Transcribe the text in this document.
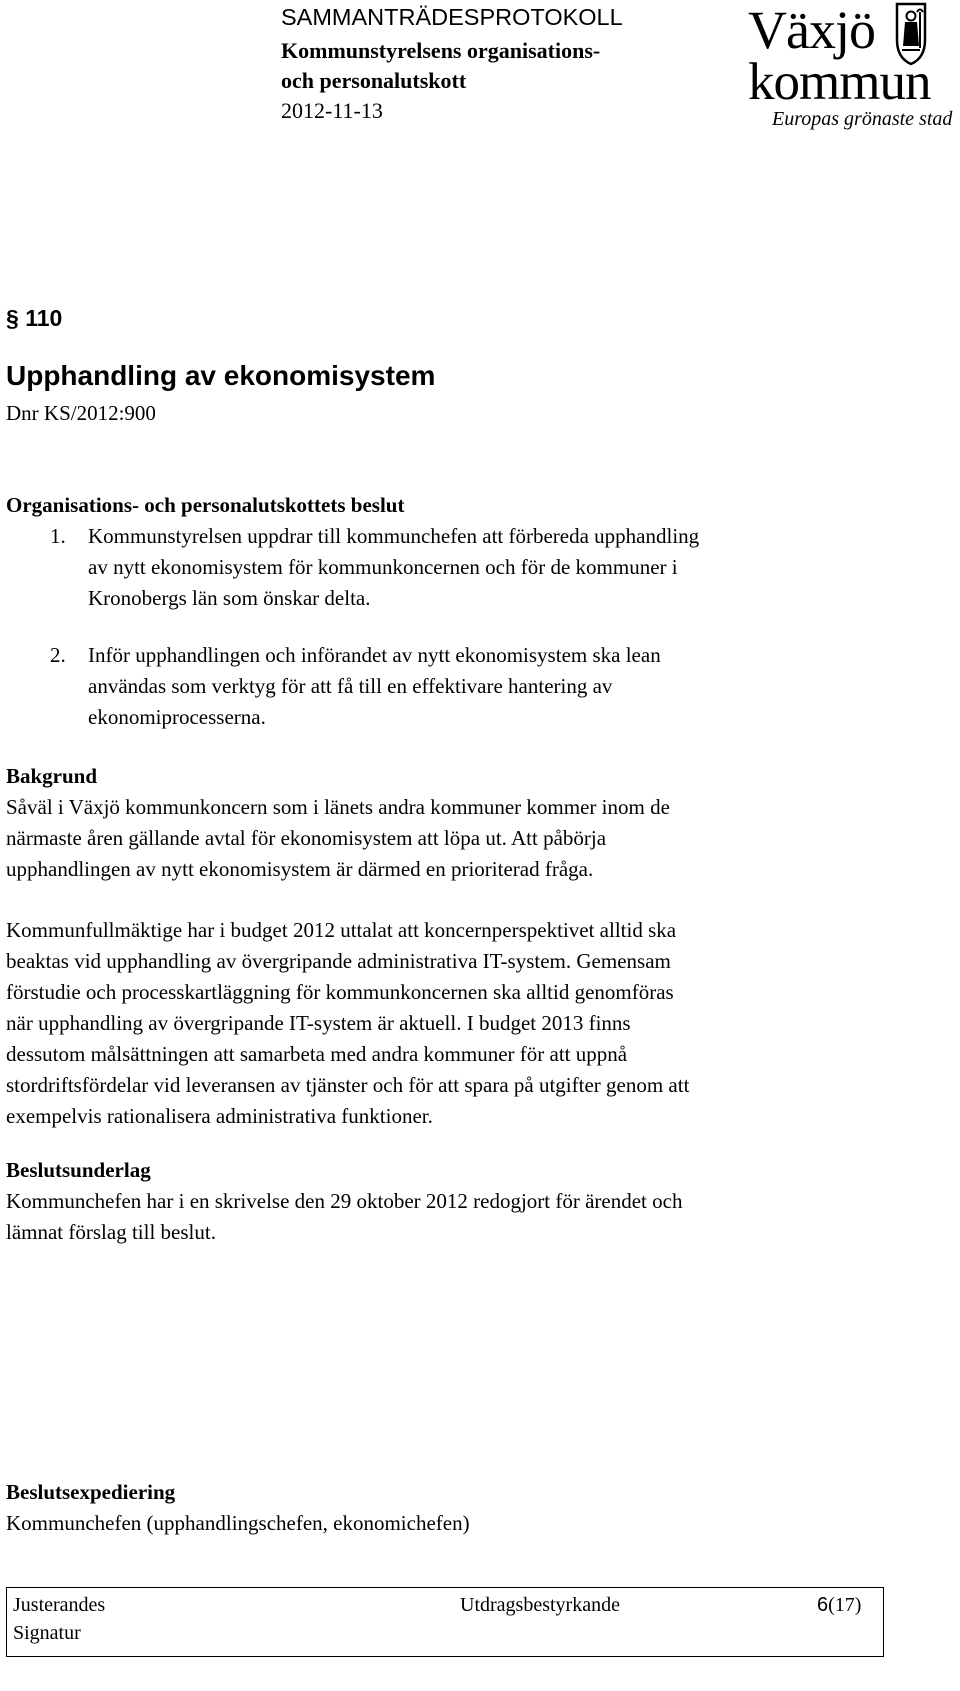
SAMMANTRÄDESPROTOKOLL
Kommunstyrelsens organisations-
och personalutskott
2012-11-13
Växjö
kommun
Europas grönaste stad
§ 110
Upphandling av ekonomisystem
Dnr KS/2012:900
Organisations- och personalutskottets beslut
1. Kommunstyrelsen uppdrar till kommunchefen att förbereda upphandling
av nytt ekonomisystem för kommunkoncernen och för de kommuner i
Kronobergs län som önskar delta.
2. Inför upphandlingen och införandet av nytt ekonomisystem ska lean
användas som verktyg för att få till en effektivare hantering av
ekonomiprocesserna.
Bakgrund
Såväl i Växjö kommunkoncern som i länets andra kommuner kommer inom de
närmaste åren gällande avtal för ekonomisystem att löpa ut. Att påbörja
upphandlingen av nytt ekonomisystem är därmed en prioriterad fråga.
Kommunfullmäktige har i budget 2012 uttalat att koncernperspektivet alltid ska
beaktas vid upphandling av övergripande administrativa IT-system. Gemensam
förstudie och processkartläggning för kommunkoncernen ska alltid genomföras
när upphandling av övergripande IT-system är aktuell. I budget 2013 finns
dessutom målsättningen att samarbeta med andra kommuner för att uppnå
stordriftsfördelar vid leveransen av tjänster och för att spara på utgifter genom att
exempelvis rationalisera administrativa funktioner.
Beslutsunderlag
Kommunchefen har i en skrivelse den 29 oktober 2012 redogjort för ärendet och
lämnat förslag till beslut.
Beslutsexpediering
Kommunchefen (upphandlingschefen, ekonomichefen)
Justerandes
Signatur
Utdragsbestyrkande	6(17)
